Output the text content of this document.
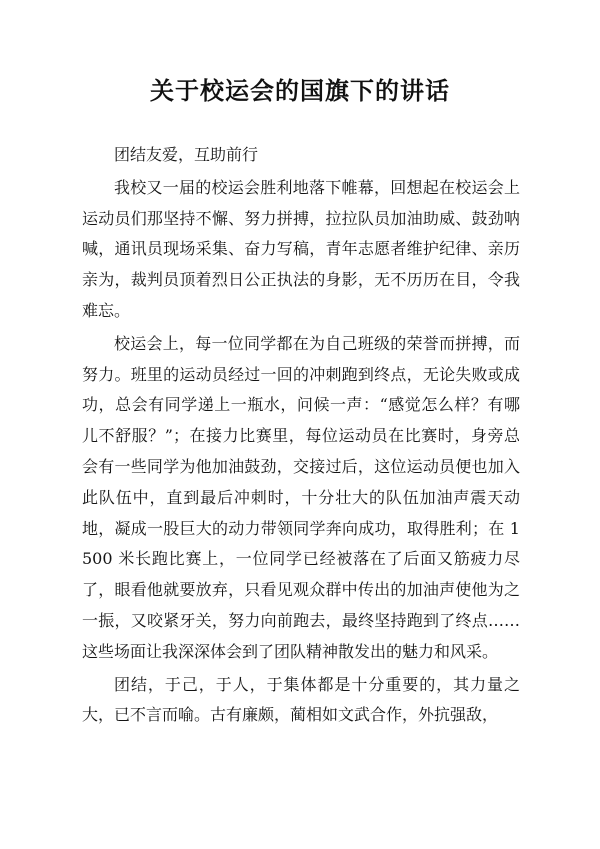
关于校运会的国旗下的讲话

团结友爱，互助前行

我校又一届的校运会胜利地落下帷幕，回想起在校运会上运动员们那坚持不懈、努力拼搏，拉拉队员加油助威、鼓劲呐喊，通讯员现场采集、奋力写稿，青年志愿者维护纪律、亲历亲为，裁判员顶着烈日公正执法的身影，无不历历在目，令我难忘。

校运会上，每一位同学都在为自己班级的荣誉而拼搏，而努力。班里的运动员经过一回的冲刺跑到终点，无论失败或成功，总会有同学递上一瓶水，问候一声：“感觉怎么样？有哪儿不舒服？”；在接力比赛里，每位运动员在比赛时，身旁总会有一些同学为他加油鼓劲，交接过后，这位运动员便也加入此队伍中，直到最后冲刺时，十分壮大的队伍加油声震天动地，凝成一股巨大的动力带领同学奔向成功，取得胜利；在 1500 米长跑比赛上，一位同学已经被落在了后面又筋疲力尽了，眼看他就要放弃，只看见观众群中传出的加油声使他为之一振，又咬紧牙关，努力向前跑去，最终坚持跑到了终点……这些场面让我深深体会到了团队精神散发出的魅力和风采。

团结，于己，于人，于集体都是十分重要的，其力量之大，已不言而喻。古有廉颇，蔺相如文武合作，外抗强敌，
